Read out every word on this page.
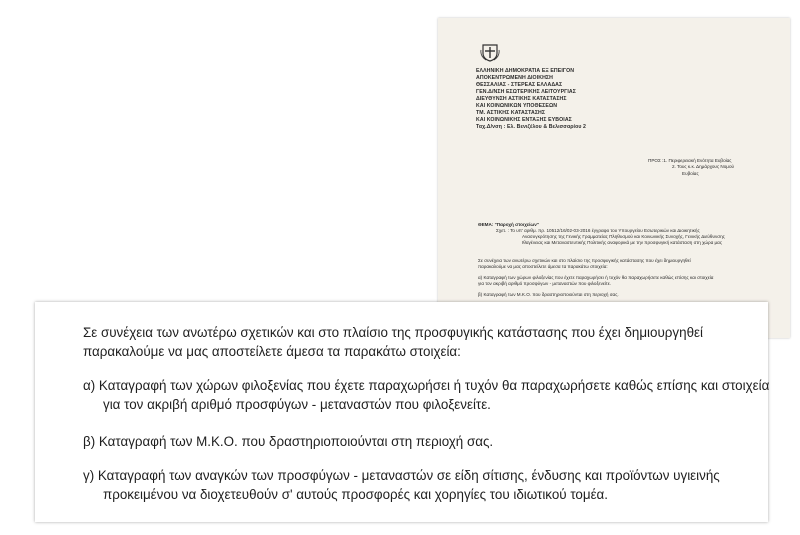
ΕΛΛΗΝΙΚΗ ΔΗΜΟΚΡΑΤΙΑ ΕΞ ΕΠΕΙΓΟΝ
ΑΠΟΚΕΝΤΡΩΜΕΝΗ ΔΙΟΙΚΗΣΗ
ΘΕΣΣΑΛΙΑΣ - ΣΤΕΡΕΑΣ ΕΛΛΑΔΑΣ
ΓΕΝ.Δ/ΝΣΗ ΕΣΩΤΕΡΙΚΗΣ ΛΕΙΤΟΥΡΓΙΑΣ
ΔΙΕΥΘΥΝΣΗ ΑΣΤΙΚΗΣ ΚΑΤΑΣΤΑΣΗΣ
ΚΑΙ ΚΟΙΝΩΝΙΚΩΝ ΥΠΟΘΕΣΕΩΝ
ΤΜ. ΑΣΤΙΚΗΣ ΚΑΤΑΣΤΑΣΗΣ
ΚΑΙ ΚΟΙΝΩΝΙΚΗΣ ΕΝΤΑΞΗΣ ΕΥΒΟΙΑΣ
Ταχ.Δ/νση : Ελ. Βενιζέλου & Βελισσαρίου 2
ΠΡΟΣ :1. Περιφερειακή Ενότητα Ευβοίας
2. Τους κ.κ. Δημάρχους Νομού
Ευβοίας
ΘΕΜΑ: "Παροχή στοιχείων"
Σχετ. : Το υπ' αριθμ. πρ. 10512/16/02-03-2016 έγγραφο του Υπουργείου Εσωτερικών και Διοικητικής
Ανασυγκρότησης της Γενικής Γραμματείας Πληθυσμού και Κοινωνικής Συνοχής, Γενικής Διεύθυνσης
Ιθαγένειας και Μεταναστευτικής Πολιτικής αναφορικά με την προσφυγική κατάσταση στη χώρα μας
Σε συνέχεια των ανωτέρω σχετικών και στο πλαίσιο της προσφυγικής κατάστασης που έχει δημιουργηθεί
παρακαλούμε να μας αποστείλετε άμεσα τα παρακάτω στοιχεία:
α) Καταγραφή των χώρων φιλοξενίας που έχετε παραχωρήσει ή τυχόν θα παραχωρήσετε καθώς επίσης και στοιχεία
για τον ακριβή αριθμό προσφύγων - μεταναστών που φιλοξενείτε.
β) Καταγραφή των Μ.Κ.Ο. που δραστηριοποιούνται στη περιοχή σας.
Σε συνέχεια των ανωτέρω σχετικών και στο πλαίσιο της προσφυγικής κατάστασης που έχει δημιουργηθεί
παρακαλούμε να μας αποστείλετε άμεσα τα παρακάτω στοιχεία:
α) Καταγραφή των χώρων φιλοξενίας που έχετε παραχωρήσει ή τυχόν θα παραχωρήσετε καθώς επίσης και στοιχεία
για τον ακριβή αριθμό προσφύγων - μεταναστών που φιλοξενείτε.
β) Καταγραφή των Μ.Κ.Ο. που δραστηριοποιούνται στη περιοχή σας.
γ) Καταγραφή των αναγκών των προσφύγων - μεταναστών σε είδη σίτισης, ένδυσης και προϊόντων υγιεινής
προκειμένου να διοχετευθούν σ' αυτούς προσφορές και χορηγίες του ιδιωτικού τομέα.
